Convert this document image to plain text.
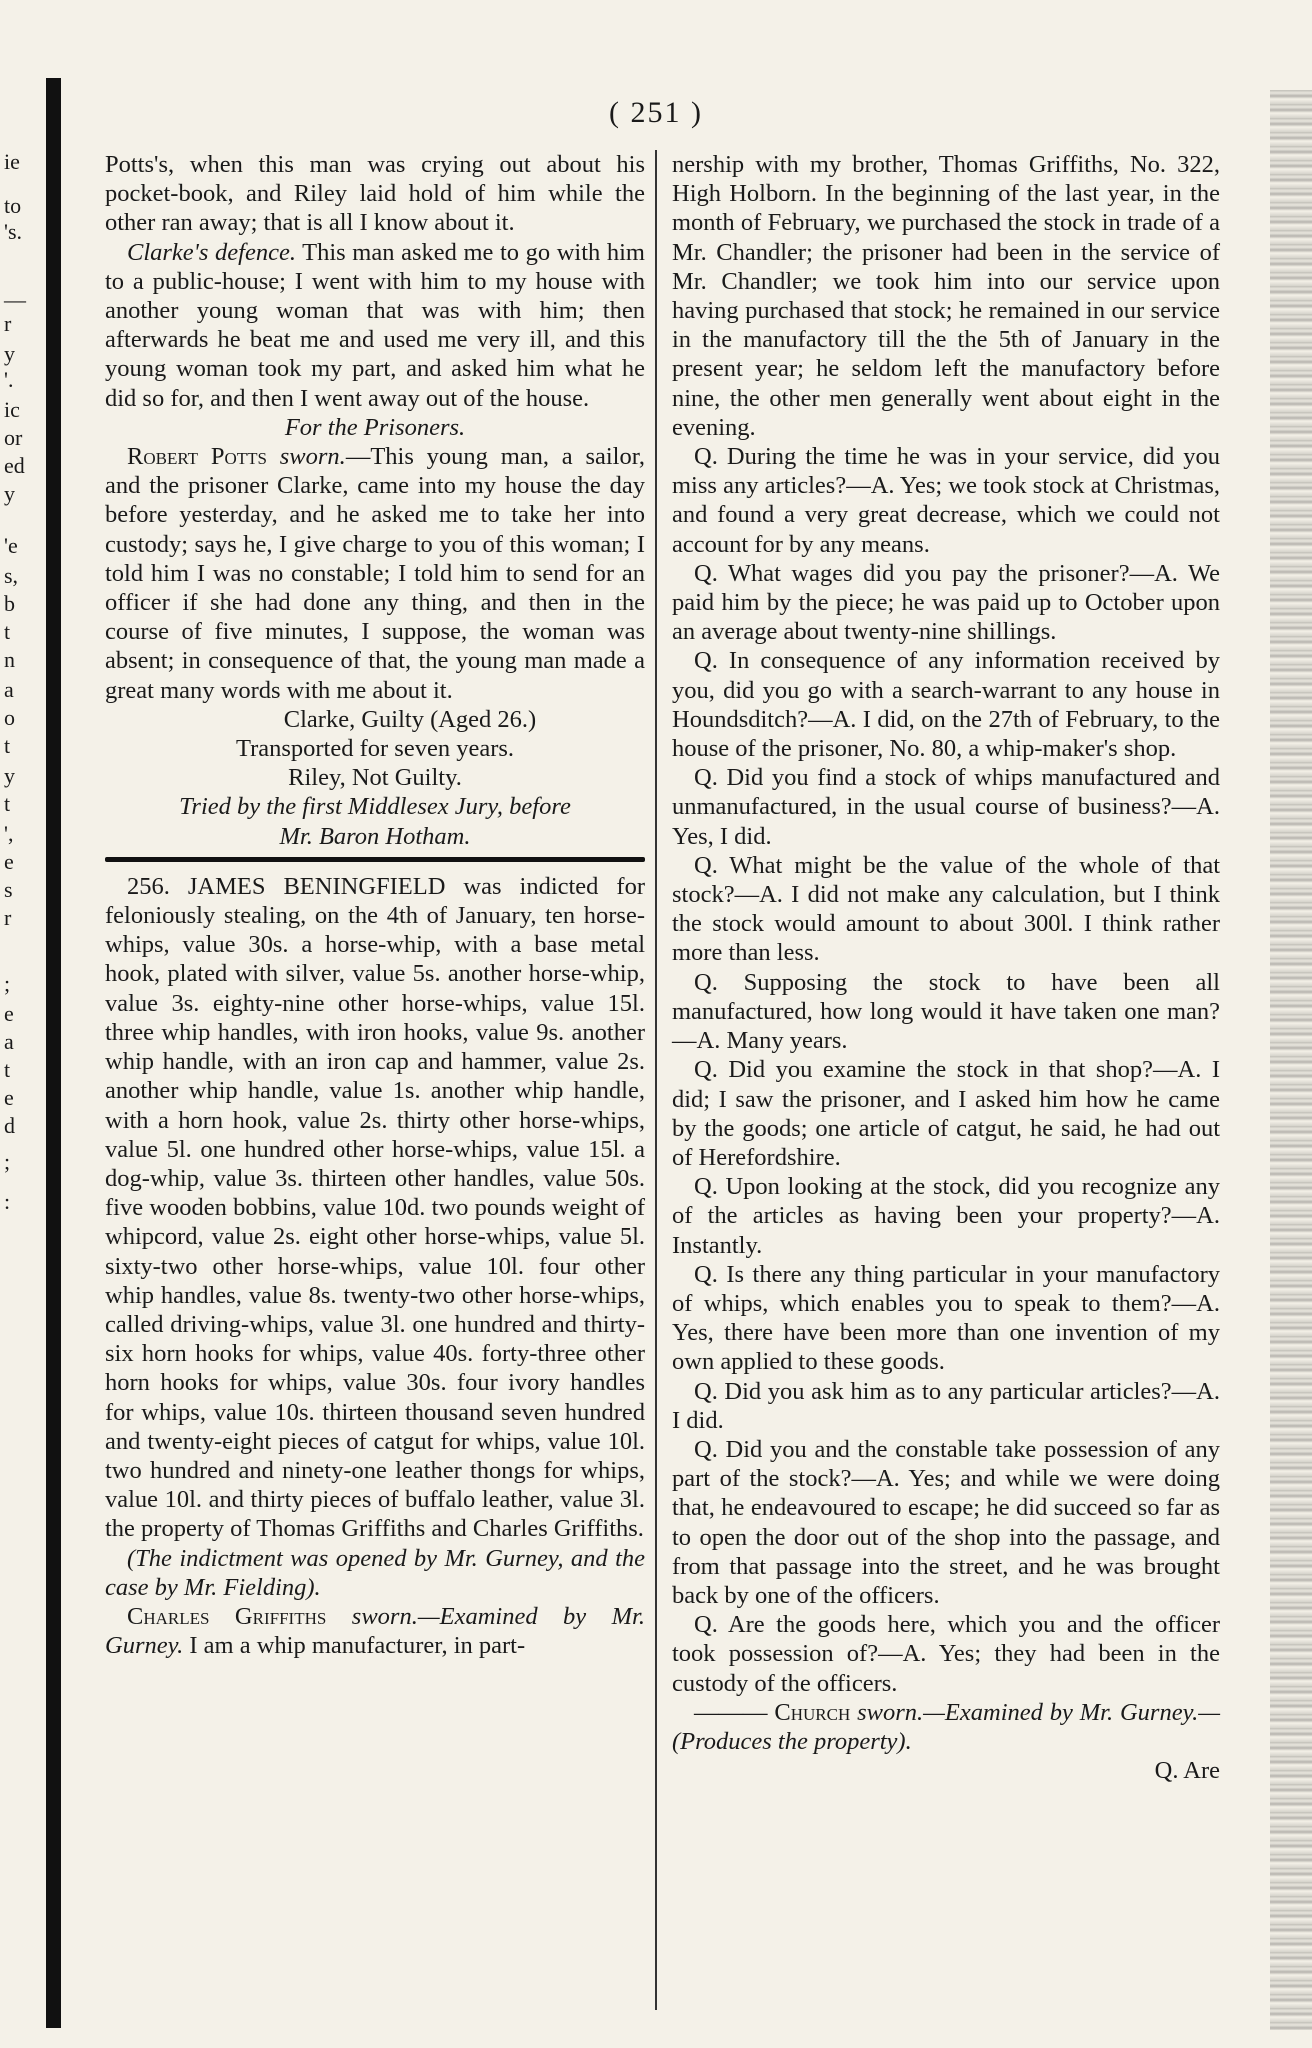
ie
to
's.
—
r
y
'.
ic
or
ed
y
'e
s,
b
t
n
a
o
t
y
t
',
e
s
r
;
e
a
t
e
d
;
:
( 251 )

Potts's, when this man was crying out about his pocket-book, and Riley laid hold of him while the other ran away; that is all I know about it.

Clarke's defence. This man asked me to go with him to a public-house; I went with him to my house with another young woman that was with him; then afterwards he beat me and used me very ill, and this young woman took my part, and asked him what he did so for, and then I went away out of the house.

For the Prisoners.

Robert Potts sworn.—This young man, a sailor, and the prisoner Clarke, came into my house the day before yesterday, and he asked me to take her into custody; says he, I give charge to you of this woman; I told him I was no constable; I told him to send for an officer if she had done any thing, and then in the course of five minutes, I suppose, the woman was absent; in consequence of that, the young man made a great many words with me about it.

Clarke, Guilty (Aged 26.)
Transported for seven years.
Riley, Not Guilty.

Tried by the first Middlesex Jury, before
Mr. Baron Hotham.

256. JAMES BENINGFIELD was indicted for feloniously stealing, on the 4th of January, ten horse-whips, value 30s. a horse-whip, with a base metal hook, plated with silver, value 5s. another horse-whip, value 3s. eighty-nine other horse-whips, value 15l. three whip handles, with iron hooks, value 9s. another whip handle, with an iron cap and hammer, value 2s. another whip handle, value 1s. another whip handle, with a horn hook, value 2s. thirty other horse-whips, value 5l. one hundred other horse-whips, value 15l. a dog-whip, value 3s. thirteen other handles, value 50s. five wooden bobbins, value 10d. two pounds weight of whipcord, value 2s. eight other horse-whips, value 5l. sixty-two other horse-whips, value 10l. four other whip handles, value 8s. twenty-two other horse-whips, called driving-whips, value 3l. one hundred and thirty-six horn hooks for whips, value 40s. forty-three other horn hooks for whips, value 30s. four ivory handles for whips, value 10s. thirteen thousand seven hundred and twenty-eight pieces of catgut for whips, value 10l. two hundred and ninety-one leather thongs for whips, value 10l. and thirty pieces of buffalo leather, value 3l. the property of Thomas Griffiths and Charles Griffiths.

(The indictment was opened by Mr. Gurney, and the case by Mr. Fielding).

Charles Griffiths sworn.—Examined by Mr. Gurney. I am a whip manufacturer, in part-

nership with my brother, Thomas Griffiths, No. 322, High Holborn. In the beginning of the last year, in the month of February, we purchased the stock in trade of a Mr. Chandler; the prisoner had been in the service of Mr. Chandler; we took him into our service upon having purchased that stock; he remained in our service in the manufactory till the the 5th of January in the present year; he seldom left the manufactory before nine, the other men generally went about eight in the evening.

Q. During the time he was in your service, did you miss any articles?—A. Yes; we took stock at Christmas, and found a very great decrease, which we could not account for by any means.

Q. What wages did you pay the prisoner?—A. We paid him by the piece; he was paid up to October upon an average about twenty-nine shillings.

Q. In consequence of any information received by you, did you go with a search-warrant to any house in Houndsditch?—A. I did, on the 27th of February, to the house of the prisoner, No. 80, a whip-maker's shop.

Q. Did you find a stock of whips manufactured and unmanufactured, in the usual course of business?—A. Yes, I did.

Q. What might be the value of the whole of that stock?—A. I did not make any calculation, but I think the stock would amount to about 300l. I think rather more than less.

Q. Supposing the stock to have been all manufactured, how long would it have taken one man?—A. Many years.

Q. Did you examine the stock in that shop?—A. I did; I saw the prisoner, and I asked him how he came by the goods; one article of catgut, he said, he had out of Herefordshire.

Q. Upon looking at the stock, did you recognize any of the articles as having been your property?—A. Instantly.

Q. Is there any thing particular in your manufactory of whips, which enables you to speak to them?—A. Yes, there have been more than one invention of my own applied to these goods.

Q. Did you ask him as to any particular articles?—A. I did.

Q. Did you and the constable take possession of any part of the stock?—A. Yes; and while we were doing that, he endeavoured to escape; he did succeed so far as to open the door out of the shop into the passage, and from that passage into the street, and he was brought back by one of the officers.

Q. Are the goods here, which you and the officer took possession of?—A. Yes; they had been in the custody of the officers.

——— Church sworn.—Examined by Mr. Gurney.—(Produces the property).

Q. Are
